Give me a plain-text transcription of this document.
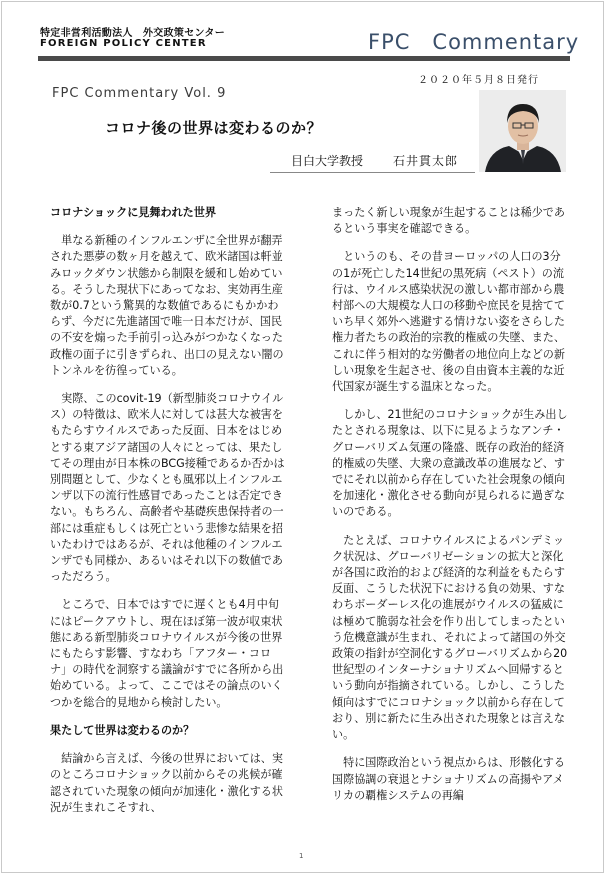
特定非営利活動法人　外交政策センター
FOREIGN POLICY CENTER	FPC　Commentary
２０２０年５月８日発行
FPC Commentary Vol. 9
コロナ後の世界は変わるのか？
目白大学教授 石井貫太郎
コロナショックに見舞われた世界

　単なる新種のインフルエンザに全世界が翻弄された悪夢の数ヶ月を越えて、欧米諸国は軒並みロックダウン状態から制限を緩和し始めている。そうした現状下にあってなお、実効再生産数が0.7という驚異的な数値であるにもかかわらず、今だに先進諸国で唯一日本だけが、国民の不安を煽った手前引っ込みがつかなくなった政権の面子に引きずられ、出口の見えない闇のトンネルを彷徨っている。

　実際、このcovit-19（新型肺炎コロナウイルス）の特徴は、欧米人に対しては甚大な被害をもたらすウイルスであった反面、日本をはじめとする東アジア諸国の人々にとっては、果たしてその理由が日本株のBCG接種であるか否かは別問題として、少なくとも風邪以上インフルエンザ以下の流行性感冒であったことは否定できない。もちろん、高齢者や基礎疾患保持者の一部には重症もしくは死亡という悲惨な結果を招いたわけではあるが、それは他種のインフルエンザでも同様か、あるいはそれ以下の数値であっただろう。

　ところで、日本ではすでに遅くとも4月中旬にはピークアウトし、現在ほぼ第一波が収束状態にある新型肺炎コロナウイルスが今後の世界にもたらす影響、すなわち「アフター・コロナ」の時代を洞察する議論がすでに各所から出始めている。よって、ここではその論点のいくつかを総合的見地から検討したい。

果たして世界は変わるのか？

　結論から言えば、今後の世界においては、実のところコロナショック以前からその兆候が確認されていた現象の傾向が加速化・激化する状況が生まれこそすれ、

まったく新しい現象が生起することは稀少であるという事実を確認できる。

　というのも、その昔ヨーロッパの人口の3分の1が死亡した14世紀の黒死病（ペスト）の流行は、ウイルス感染状況の激しい都市部から農村部への大規模な人口の移動や庶民を見捨てていち早く郊外へ逃避する情けない姿をさらした権力者たちの政治的宗教的権威の失墜、また、これに伴う相対的な労働者の地位向上などの新しい現象を生起させ、後の自由資本主義的な近代国家が誕生する温床となった。

　しかし、21世紀のコロナショックが生み出したとされる現象は、以下に見るようなアンチ・グローバリズム気運の隆盛、既存の政治的経済的権威の失墜、大衆の意識改革の進展など、すでにそれ以前から存在していた社会現象の傾向を加速化・激化させる動向が見られるに過ぎないのである。

　たとえば、コロナウイルスによるパンデミック状況は、グローバリゼーションの拡大と深化が各国に政治的および経済的な利益をもたらす反面、こうした状況下における負の効果、すなわちボーダーレス化の進展がウイルスの猛威には極めて脆弱な社会を作り出してしまったという危機意識が生まれ、それによって諸国の外交政策の指針が空洞化するグローバリズムから20世紀型のインターナショナリズムへ回帰するという動向が指摘されている。しかし、こうした傾向はすでにコロナショック以前から存在しており、別に新たに生み出された現象とは言えない。

　特に国際政治という視点からは、形骸化する国際協調の衰退とナショナリズムの高揚やアメリカの覇権システムの再編

1
